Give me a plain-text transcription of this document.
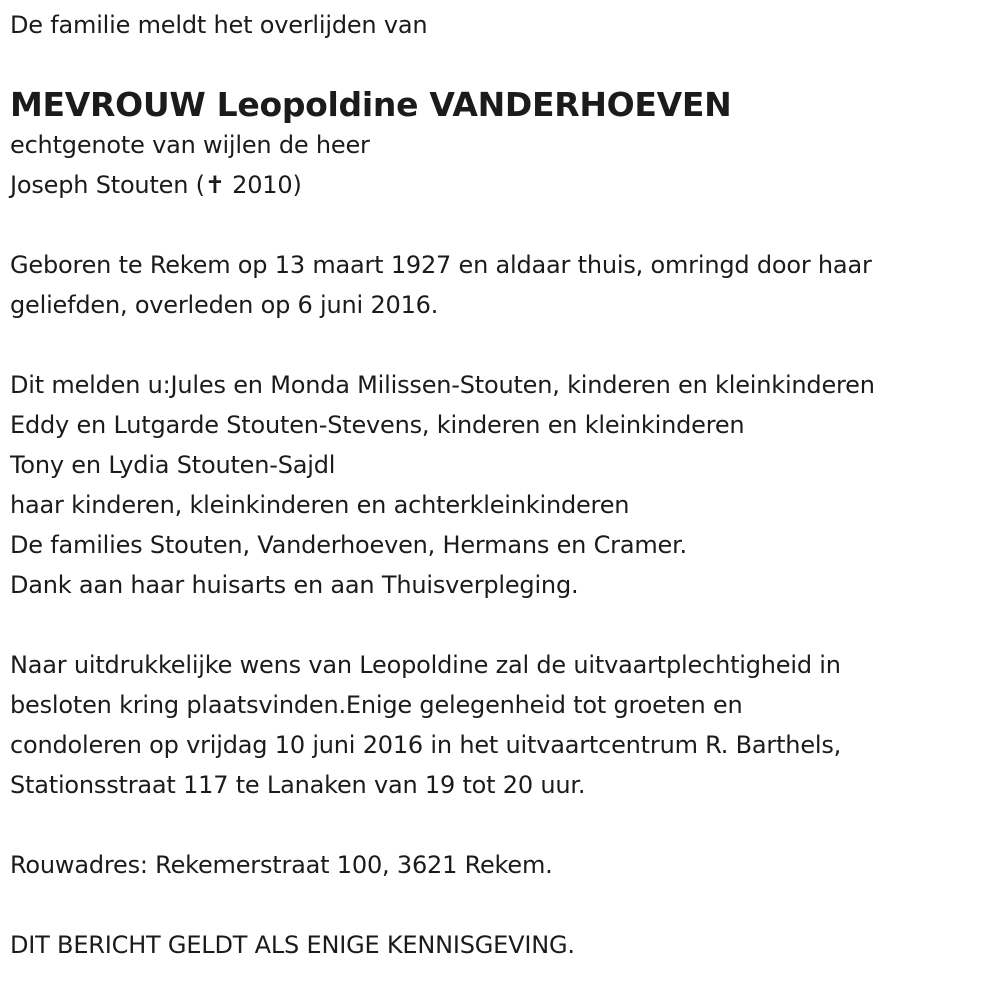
De familie meldt het overlijden van
MEVROUW Leopoldine VANDERHOEVEN
echtgenote van wijlen de heer
Joseph Stouten (✝ 2010)
Geboren te Rekem op 13 maart 1927 en aldaar thuis, omringd door haar
geliefden, overleden op 6 juni 2016.
Dit melden u:Jules en Monda Milissen-Stouten, kinderen en kleinkinderen
Eddy en Lutgarde Stouten-Stevens, kinderen en kleinkinderen
Tony en Lydia Stouten-Sajdl
haar kinderen, kleinkinderen en achterkleinkinderen
De families Stouten, Vanderhoeven, Hermans en Cramer.
Dank aan haar huisarts en aan Thuisverpleging.
Naar uitdrukkelijke wens van Leopoldine zal de uitvaartplechtigheid in
besloten kring plaatsvinden.Enige gelegenheid tot groeten en
condoleren op vrijdag 10 juni 2016 in het uitvaartcentrum R. Barthels,
Stationsstraat 117 te Lanaken van 19 tot 20 uur.
Rouwadres: Rekemerstraat 100, 3621 Rekem.
DIT BERICHT GELDT ALS ENIGE KENNISGEVING.
